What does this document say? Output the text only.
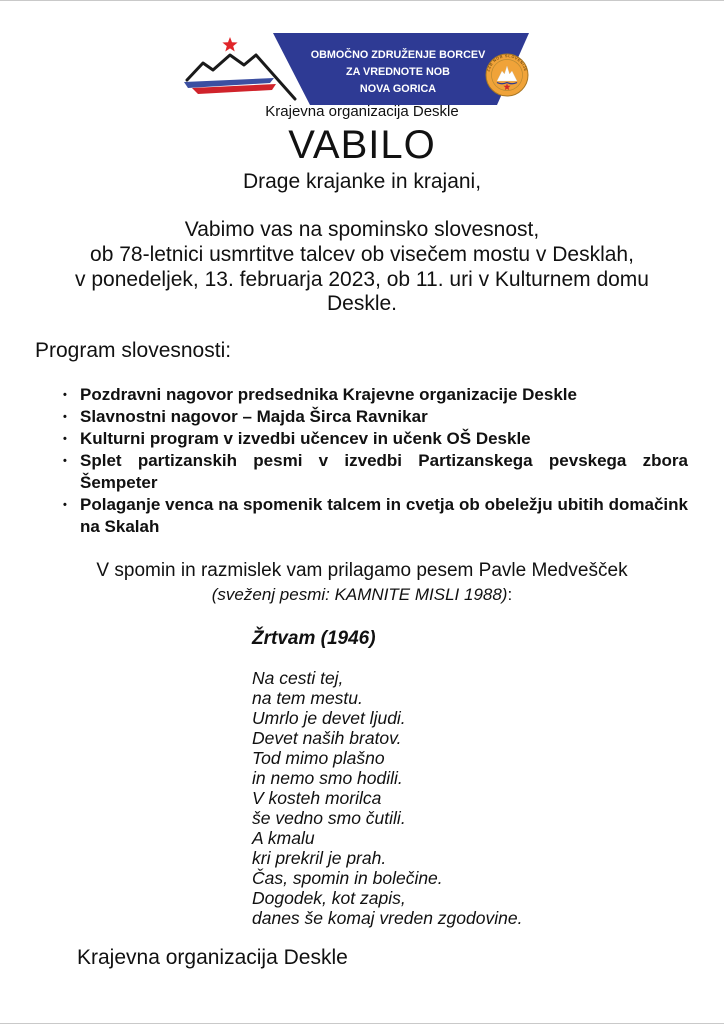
OBMOČNO ZDRUŽENJE BORCEV
ZA VREDNOTE NOB
NOVA GORICA
ZZB NOB SLOVENIJE
Krajevna organizacija Deskle
VABILO
Drage krajanke in krajani,
Vabimo vas na spominsko slovesnost,
ob 78-letnici usmrtitve talcev ob visečem mostu v Desklah,
v ponedeljek, 13. februarja 2023, ob 11. uri v Kulturnem domu
Deskle.
Program slovesnosti:
• Pozdravni nagovor predsednika Krajevne organizacije Deskle
• Slavnostni nagovor – Majda Širca Ravnikar
• Kulturni program v izvedbi učencev in učenk OŠ Deskle
• Splet partizanskih pesmi v izvedbi Partizanskega pevskega zbora
Šempeter
• Polaganje venca na spomenik talcem in cvetja ob obeležju ubitih domačink
na Skalah
V spomin in razmislek vam prilagamo pesem Pavle Medvešček
(sveženj pesmi: KAMNITE MISLI 1988):
Žrtvam (1946)
Na cesti tej,
na tem mestu.
Umrlo je devet ljudi.
Devet naših bratov.
Tod mimo plašno
in nemo smo hodili.
V kosteh morilca
še vedno smo čutili.
A kmalu
kri prekril je prah.
Čas, spomin in bolečine.
Dogodek, kot zapis,
danes še komaj vreden zgodovine.
Krajevna organizacija Deskle
